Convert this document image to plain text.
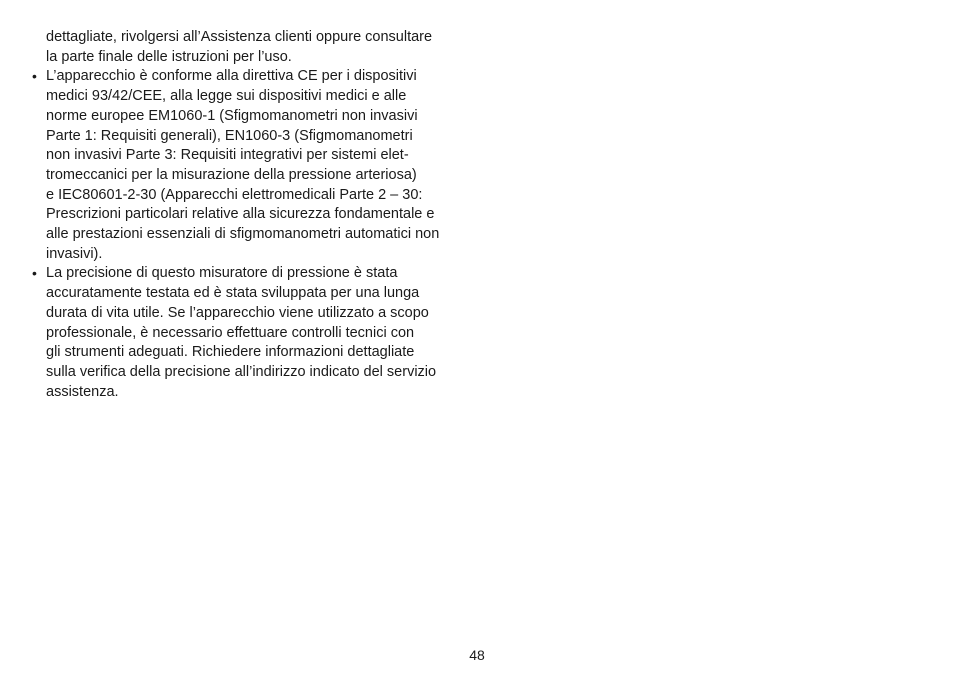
dettagliate, rivolgersi all’Assistenza clienti oppure consultare
la parte finale delle istruzioni per l’uso.
• L’apparecchio è conforme alla direttiva CE per i dispositivi
medici 93/42/CEE, alla legge sui dispositivi medici e alle
norme europee EM1060-1 (Sfigmomanometri non invasivi
Parte 1: Requisiti generali), EN1060-3 (Sfigmomanometri
non invasivi Parte 3: Requisiti integrativi per sistemi elet-
tromeccanici per la misurazione della pressione arteriosa)
e IEC80601-2-30 (Apparecchi elettromedicali Parte 2 – 30:
Prescrizioni particolari relative alla sicurezza fondamentale e
alle prestazioni essenziali di sfigmomanometri automatici non
invasivi).
• La precisione di questo misuratore di pressione è stata
accuratamente testata ed è stata sviluppata per una lunga
durata di vita utile. Se l’apparecchio viene utilizzato a scopo
professionale, è necessario effettuare controlli tecnici con
gli strumenti adeguati. Richiedere informazioni dettagliate
sulla verifica della precisione all’indirizzo indicato del servizio
assistenza.
48
